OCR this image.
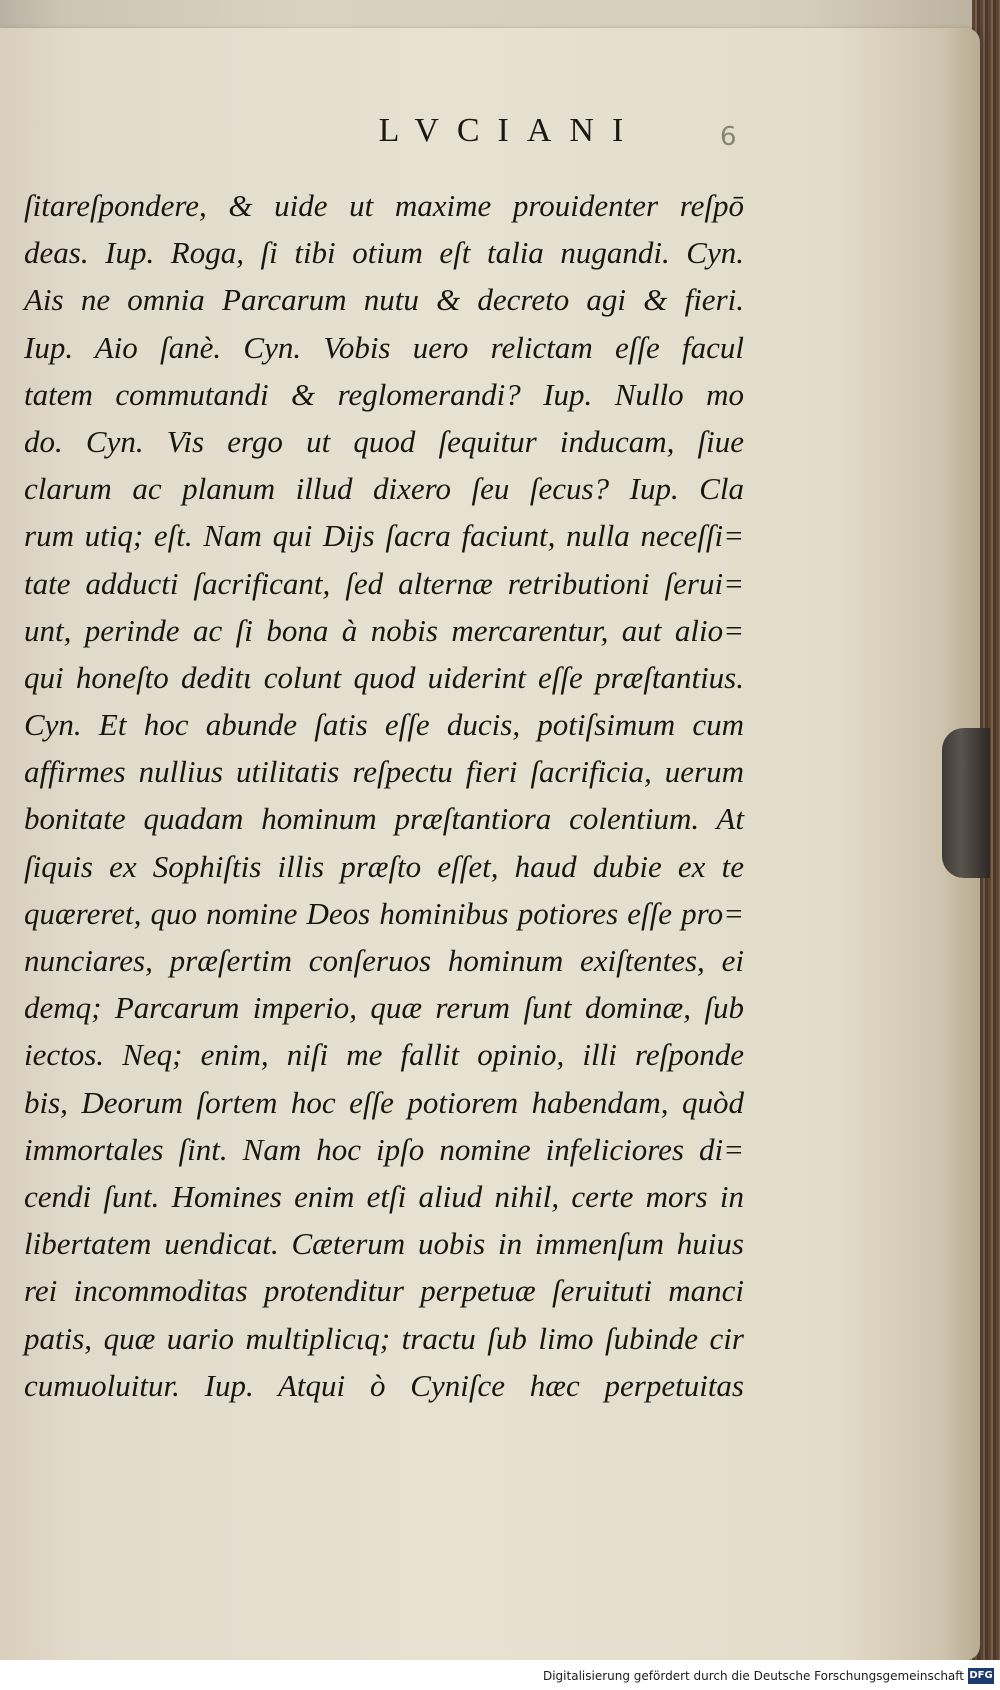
LVCIANI	6
ſitareſpondere, & uide ut maxime prouidenter reſpō
deas. Iup. Roga, ſi tibi otium eſt talia nugandi. Cyn.
Ais ne omnia Parcarum nutu & decreto agi & fieri.
Iup. Aio ſanè. Cyn. Vobis uero relictam eſſe facul
tatem commutandi & reglomerandi? Iup. Nullo mo
do. Cyn. Vis ergo ut quod ſequitur inducam, ſiue
clarum ac planum illud dixero ſeu ſecus? Iup. Cla
rum utiq; eſt. Nam qui Dijs ſacra faciunt, nulla neceſſi=
tate adducti ſacrificant, ſed alternæ retributioni ſerui=
unt, perinde ac ſi bona à nobis mercarentur, aut alio=
qui honeſto deditι colunt quod uiderint eſſe præſtantius.
Cyn. Et hoc abunde ſatis eſſe ducis, potiſsimum cum
affirmes nullius utilitatis reſpectu fieri ſacrificia, uerum
bonitate quadam hominum præſtantiora colentium. At
ſiquis ex Sophiſtis illis præſto eſſet, haud dubie ex te
quæreret, quo nomine Deos hominibus potiores eſſe pro=
nunciares, præſertim conſeruos hominum exiſtentes, ei
demq; Parcarum imperio, quæ rerum ſunt dominæ, ſub
iectos. Neq; enim, niſi me fallit opinio, illi reſponde
bis, Deorum ſortem hoc eſſe potiorem habendam, quòd
immortales ſint. Nam hoc ipſo nomine infeliciores di=
cendi ſunt. Homines enim etſi aliud nihil, certe mors in
libertatem uendicat. Cæterum uobis in immenſum huius
rei incommoditas protenditur perpetuæ ſeruituti manci
patis, quæ uario multiplicιq; tractu ſub limo ſubinde cir
cumuoluitur. Iup. Atqui ò Cyniſce hæc perpetuitas
Digitalisierung gefördert durch die Deutsche Forschungsgemeinschaft DFG
